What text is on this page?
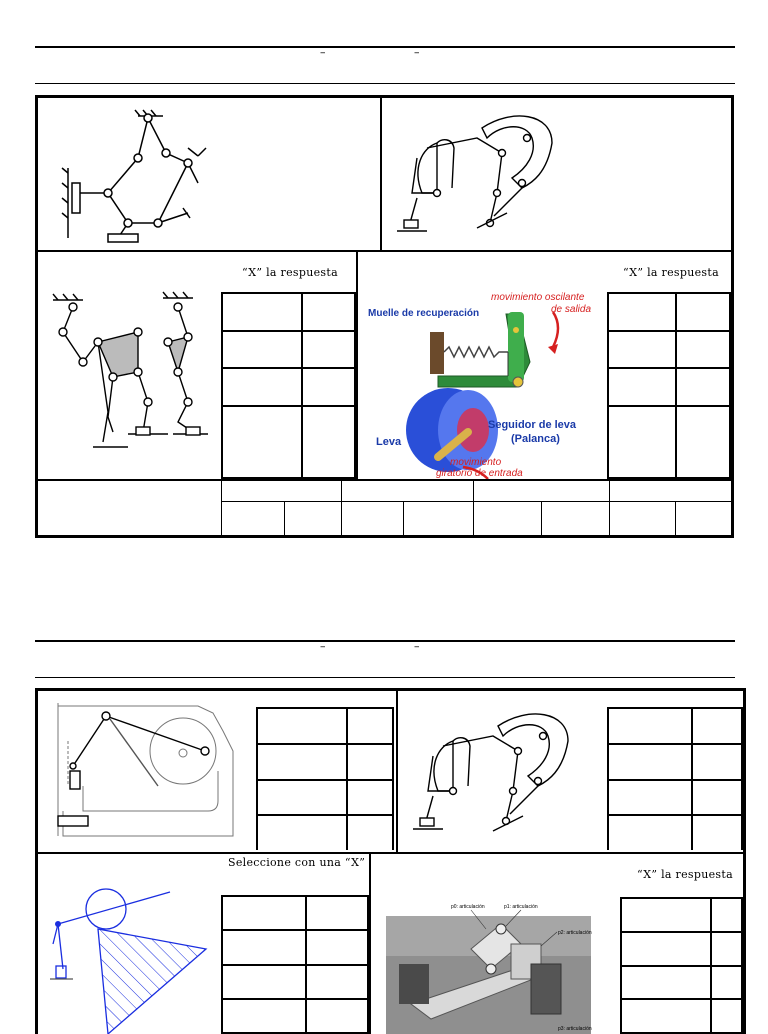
–	–
“X” la respuesta

		“X” la respuesta
Muelle de recuperación
movimiento oscilante
de salida
Seguidor de leva
(Palanca)
Leva
movimiento
giratorio de entrada

–	–

Seleccione con una “X”

“X” la respuesta
p0: articulación	p1: articulación
p2: articulación
p3: articulación
